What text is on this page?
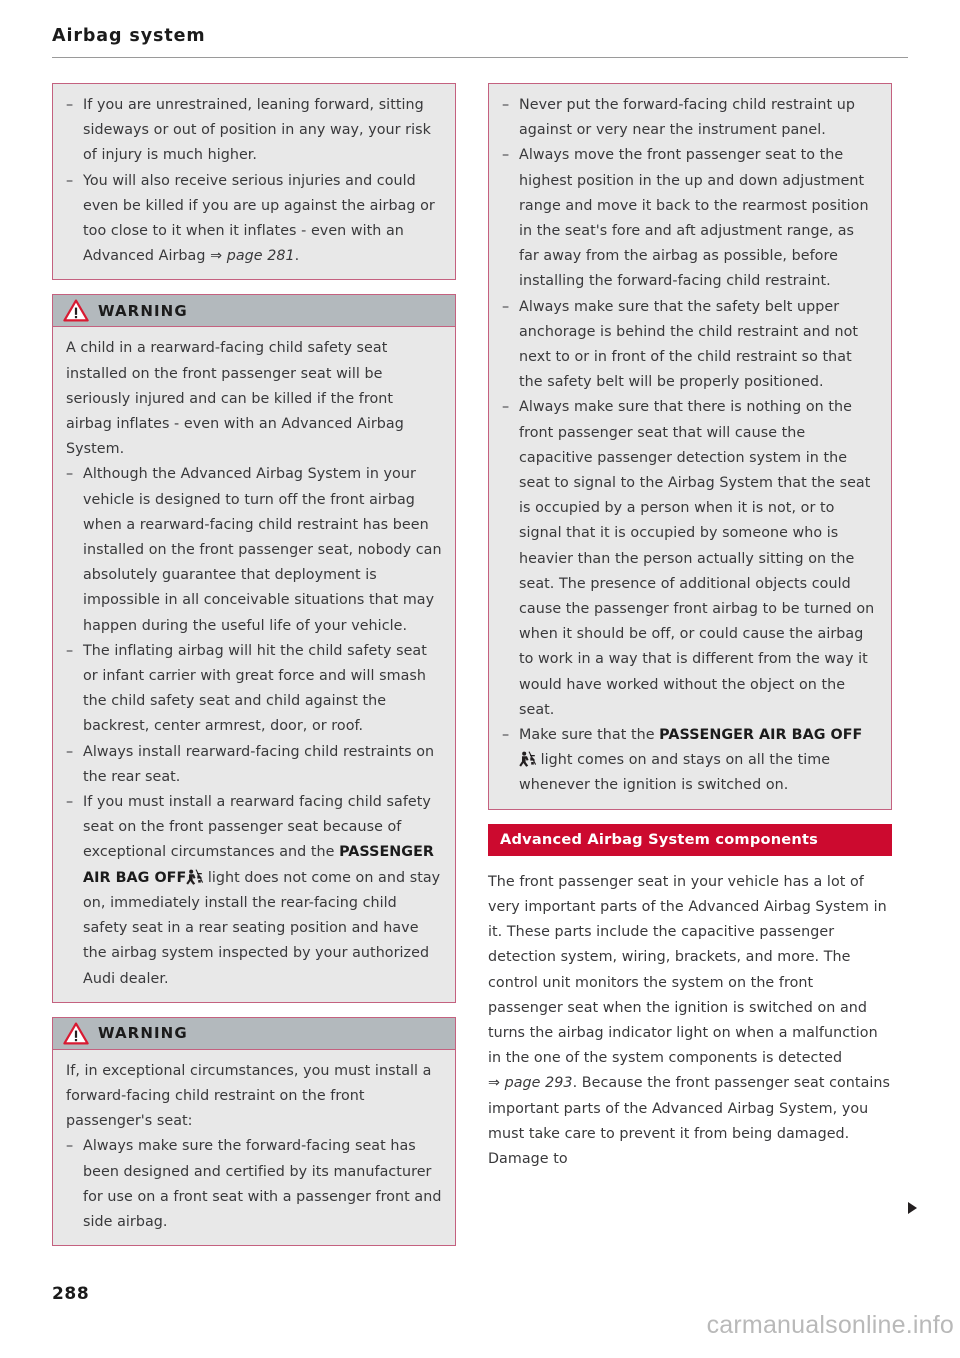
Airbag system
– If you are unrestrained, leaning forward, sitting sideways or out of position in any way, your risk of injury is much higher.
– You will also receive serious injuries and could even be killed if you are up against the airbag or too close to it when it inflates - even with an Advanced Airbag ⇒ page 281.
WARNING

A child in a rearward-facing child safety seat installed on the front passenger seat will be seriously injured and can be killed if the front airbag inflates - even with an Advanced Airbag System.

– Although the Advanced Airbag System in your vehicle is designed to turn off the front airbag when a rearward-facing child restraint has been installed on the front passenger seat, nobody can absolutely guarantee that deployment is impossible in all conceivable situations that may happen during the useful life of your vehicle.
– The inflating airbag will hit the child safety seat or infant carrier with great force and will smash the child safety seat and child against the backrest, center armrest, door, or roof.
– Always install rearward-facing child restraints on the rear seat.
– If you must install a rearward facing child safety seat on the front passenger seat because of exceptional circumstances and the PASSENGER AIR BAG OFF light does not come on and stay on, immediately install the rear-facing child safety seat in a rear seating position and have the airbag system inspected by your authorized Audi dealer.
WARNING

If, in exceptional circumstances, you must install a forward-facing child restraint on the front passenger's seat:

– Always make sure the forward-facing seat has been designed and certified by its manufacturer for use on a front seat with a passenger front and side airbag.
– Never put the forward-facing child restraint up against or very near the instrument panel.
– Always move the front passenger seat to the highest position in the up and down adjustment range and move it back to the rearmost position in the seat's fore and aft adjustment range, as far away from the airbag as possible, before installing the forward-facing child restraint.
– Always make sure that the safety belt upper anchorage is behind the child restraint and not next to or in front of the child restraint so that the safety belt will be properly positioned.
– Always make sure that there is nothing on the front passenger seat that will cause the capacitive passenger detection system in the seat to signal to the Airbag System that the seat is occupied by a person when it is not, or to signal that it is occupied by someone who is heavier than the person actually sitting on the seat. The presence of additional objects could cause the passenger front airbag to be turned on when it should be off, or could cause the airbag to work in a way that is different from the way it would have worked without the object on the seat.
– Make sure that the PASSENGER AIR BAG OFF light comes on and stays on all the time whenever the ignition is switched on.
Advanced Airbag System components

The front passenger seat in your vehicle has a lot of very important parts of the Advanced Airbag System in it. These parts include the capacitive passenger detection system, wiring, brackets, and more. The control unit monitors the system on the front passenger seat when the ignition is switched on and turns the airbag indicator light on when a malfunction in the one of the system components is detected ⇒ page 293. Because the front passenger seat contains important parts of the Advanced Airbag System, you must take care to prevent it from being damaged. Damage to

288
carmanualsonline.info
